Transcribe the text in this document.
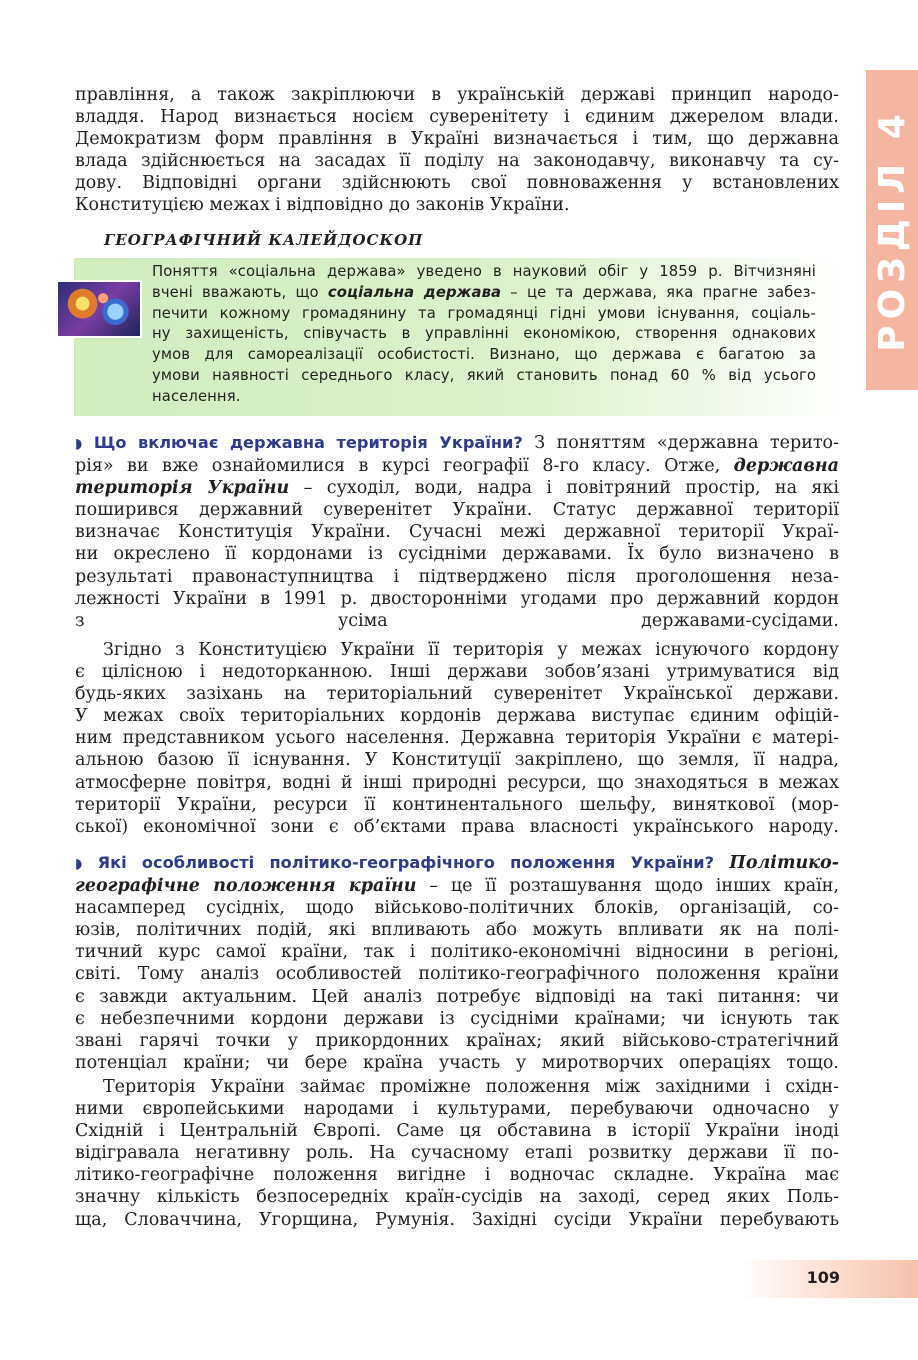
РОЗДІЛ 4
правління, а також закріплюючи в українській державі принцип народо-
владдя. Народ визнається носієм суверенітету і єдиним джерелом влади.
Демократизм форм правління в Україні визначається і тим, що державна
влада здійснюється на засадах її поділу на законодавчу, виконавчу та су-
дову. Відповідні органи здійснюють свої повноваження у встановлених
Конституцією межах і відповідно до законів України.
ГЕОГРАФІЧНИЙ КАЛЕЙДОСКОП
Поняття «соціальна держава» уведено в науковий обіг у 1859 р. Вітчизняні
вчені вважають, що соціальна держава – це та держава, яка прагне забез-
печити кожному громадянину та громадянці гідні умови існування, соціаль-
ну захищеність, співучасть в управлінні економікою, створення однакових
умов для самореалізації особистості. Визнано, що держава є багатою за
умови наявності середнього класу, який становить понад 60 % від усього
населення.
◗ Що включає державна територія України? З поняттям «державна терито-
рія» ви вже ознайомилися в курсі географії 8-го класу. Отже, державна
територія України – суходіл, води, надра і повітряний простір, на які
поширився державний суверенітет України. Статус державної території
визначає Конституція України. Сучасні межі державної території Украї-
ни окреслено її кордонами із сусідніми державами. Їх було визначено в
результаті правонаступництва і підтверджено після проголошення неза-
лежності України в 1991 р. двосторонніми угодами про державний кордон
з усіма державами-сусідами.
Згідно з Конституцією України її територія у межах існуючого кордону
є цілісною і недоторканною. Інші держави зобов’язані утримуватися від
будь-яких зазіхань на територіальний суверенітет Української держави.
У межах своїх територіальних кордонів держава виступає єдиним офіцій-
ним представником усього населення. Державна територія України є матері-
альною базою її існування. У Конституції закріплено, що земля, її надра,
атмосферне повітря, водні й інші природні ресурси, що знаходяться в межах
території України, ресурси її континентального шельфу, виняткової (мор-
ської) економічної зони є об’єктами права власності українського народу.
◗ Які особливості політико-географічного положення України? Політико-
географічне положення країни – це її розташування щодо інших країн,
насамперед сусідніх, щодо військово-політичних блоків, організацій, со-
юзів, політичних подій, які впливають або можуть впливати як на полі-
тичний курс самої країни, так і політико-економічні відносини в регіоні,
світі. Тому аналіз особливостей політико-географічного положення країни
є завжди актуальним. Цей аналіз потребує відповіді на такі питання: чи
є небезпечними кордони держави із сусідніми країнами; чи існують так
звані гарячі точки у прикордонних країнах; який військово-стратегічний
потенціал країни; чи бере країна участь у миротворчих операціях тощо.
Територія України займає проміжне положення між західними і східн-
ними європейськими народами і культурами, перебуваючи одночасно у
Східній і Центральній Європі. Саме ця обставина в історії України іноді
відігравала негативну роль. На сучасному етапі розвитку держави її по-
літико-географічне положення вигідне і водночас складне. Україна має
значну кількість безпосередніх країн-сусідів на заході, серед яких Поль-
ща, Словаччина, Угорщина, Румунія. Західні сусіди України перебувають
109
